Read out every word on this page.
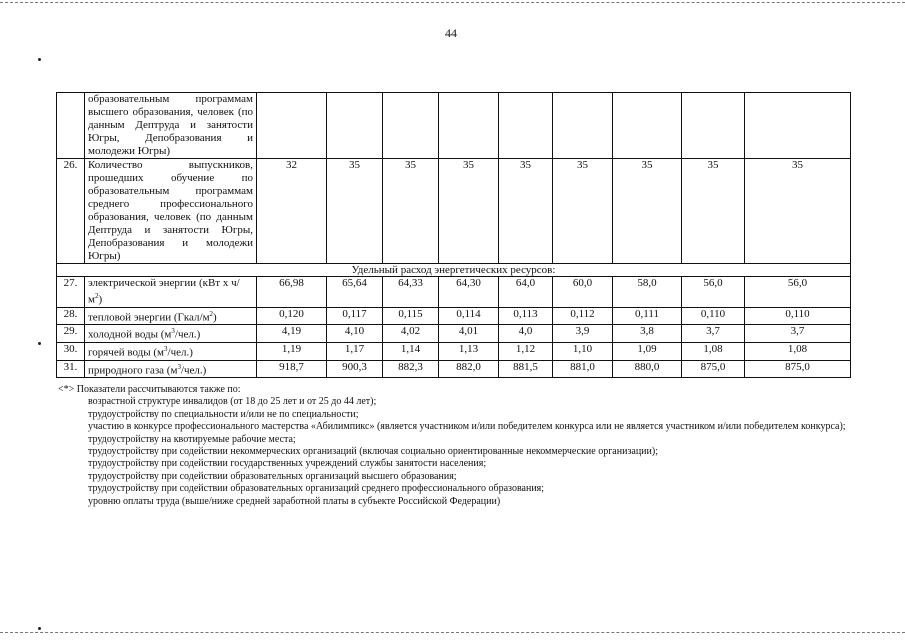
44
	образовательным программам высшего образования, человек (по данным Дептруда и занятости Югры, Депобразования и молодежи Югры)									
26.	Количество выпускников, прошедших обучение по образовательным программам среднего профессионального образования, человек (по данным Дептруда и занятости Югры, Депобразования и молодежи Югры)	32	35	35	35	35	35	35	35	35
Удельный расход энергетических ресурсов:										
27.	электрической энергии (кВт х $ч/м^2$)	66,98	65,64	64,33	64,30	64,0	60,0	58,0	56,0	56,0
28.	тепловой энергии $(Гкал/м^2)$	0,120	0,117	0,115	0,114	0,113	0,112	0,111	0,110	0,110
29.	холодной воды $(м^3/чел.)$	4,19	4,10	4,02	4,01	4,0	3,9	3,8	3,7	3,7
30.	горячей воды $(м^3/чел.)$	1,19	1,17	1,14	1,13	1,12	1,10	1,09	1,08	1,08
31.	природного газа $(м^3/чел.)$	918,7	900,3	882,3	882,0	881,5	881,0	880,0	875,0	875,0

<*> Показатели рассчитываются также по:

возрастной структуре инвалидов (от 18 до 25 лет и от 25 до 44 лет);

трудоустройству по специальности и/или не по специальности;

участию в конкурсе профессионального мастерства «Абилимпикс» (является участником и/или победителем конкурса или не является участником и/или победителем конкурса);

трудоустройству на квотируемые рабочие места;

трудоустройству при содействии некоммерческих организаций (включая социально ориентированные некоммерческие организации);

трудоустройству при содействии государственных учреждений службы занятости населения;

трудоустройству при содействии образовательных организаций высшего образования;

трудоустройству при содействии образовательных организаций среднего профессионального образования;

уровню оплаты труда (выше/ниже средней заработной платы в субъекте Российской Федерации)
